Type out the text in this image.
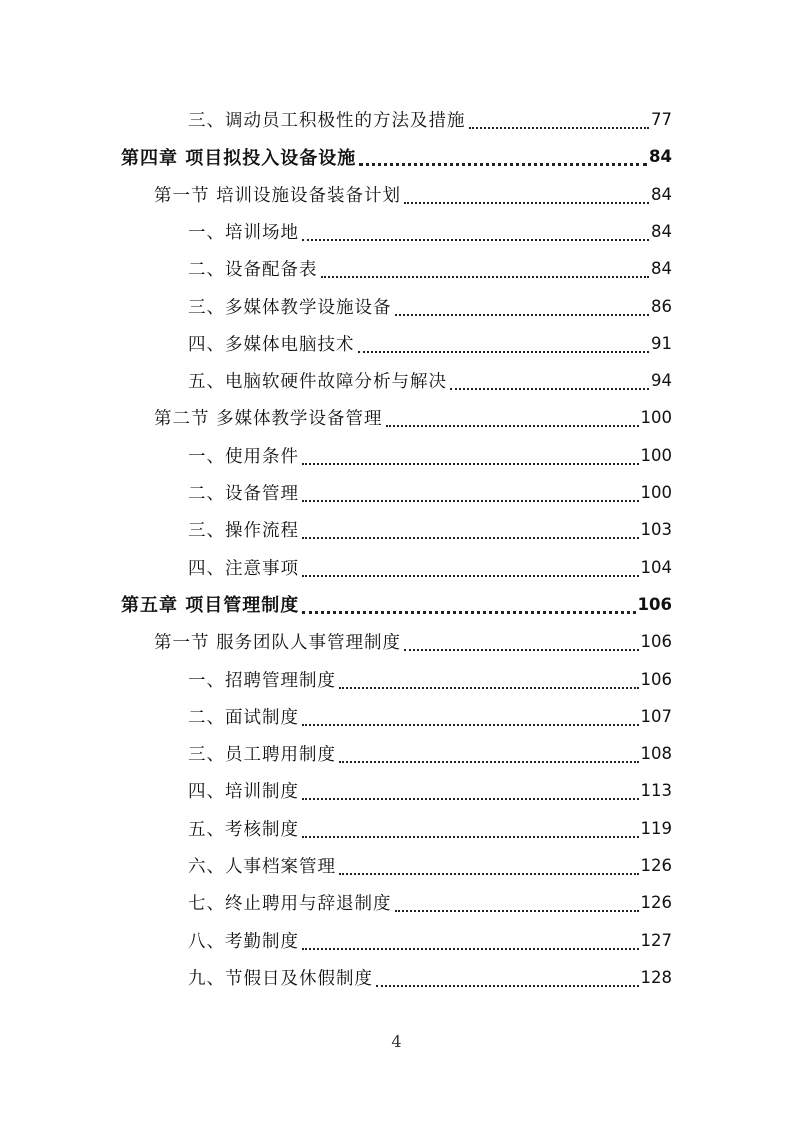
三、调动员工积极性的方法及措施	77
第四章 项目拟投入设备设施	84
第一节 培训设施设备装备计划	84
一、培训场地	84
二、设备配备表	84
三、多媒体教学设施设备	86
四、多媒体电脑技术	91
五、电脑软硬件故障分析与解决	94
第二节 多媒体教学设备管理	100
一、使用条件	100
二、设备管理	100
三、操作流程	103
四、注意事项	104
第五章 项目管理制度	106
第一节 服务团队人事管理制度	106
一、招聘管理制度	106
二、面试制度	107
三、员工聘用制度	108
四、培训制度	113
五、考核制度	119
六、人事档案管理	126
七、终止聘用与辞退制度	126
八、考勤制度	127
九、节假日及休假制度	128
4
